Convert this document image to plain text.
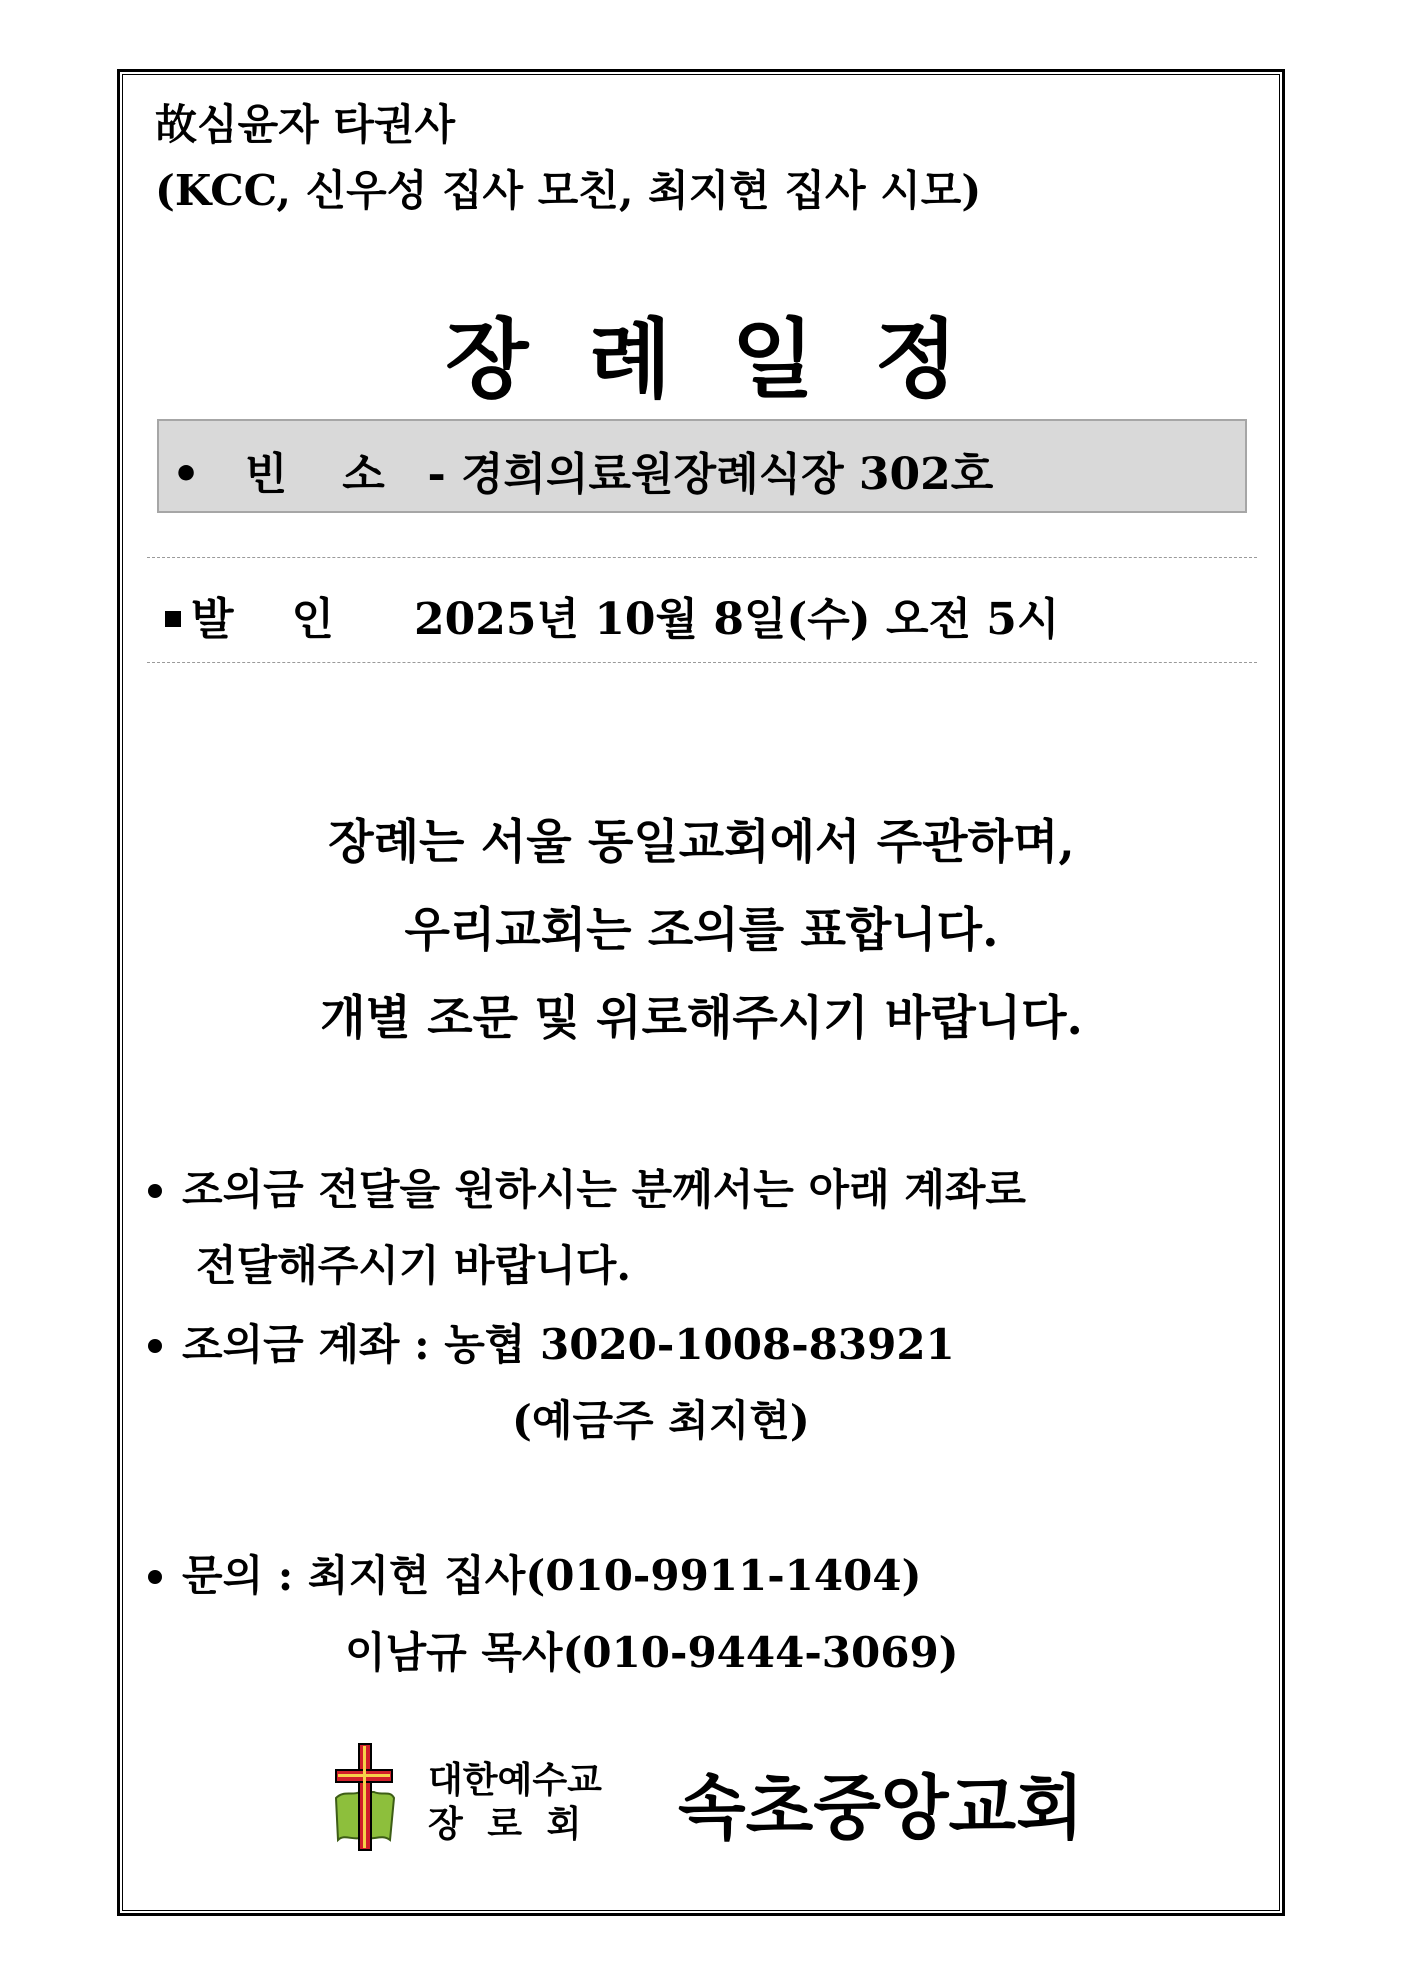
故심윤자 타권사
(KCC, 신우성 집사 모친, 최지현 집사 시모)
장례일정
• 빈 소 - 경희의료원장례식장 302호
발 인 2025년 10월 8일(수) 오전 5시
장례는 서울 동일교회에서 주관하며,
우리교회는 조의를 표합니다.
개별 조문 및 위로해주시기 바랍니다.
조의금 전달을 원하시는 분께서는 아래 계좌로
전달해주시기 바랍니다.
조의금 계좌 : 농협 3020-1008-83921
(예금주 최지현)
문의 : 최지현 집사(010-9911-1404)
이남규 목사(010-9444-3069)
대한예수교
장 로 회 속초중앙교회
